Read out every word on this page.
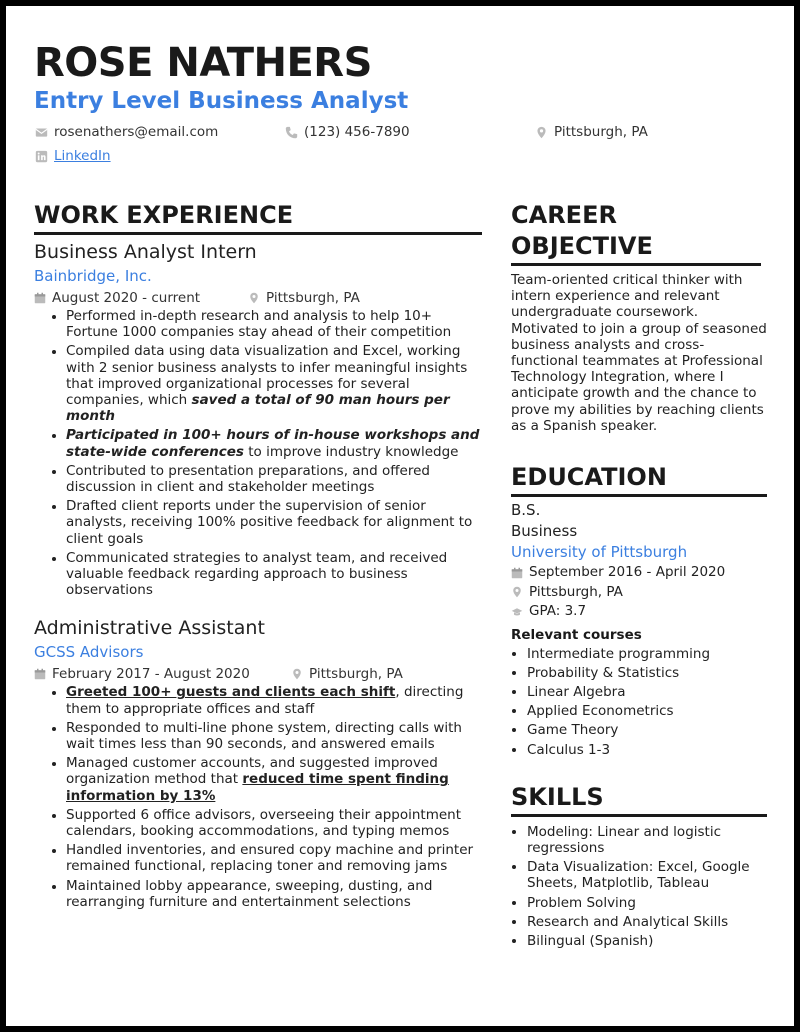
ROSE NATHERS
Entry Level Business Analyst
rosenathers@email.com	(123) 456-7890	Pittsburgh, PA
LinkedIn
WORK EXPERIENCE
Business Analyst Intern
Bainbridge, Inc.
August 2020 - current	Pittsburgh, PA
• Performed in-depth research and analysis to help 10+ Fortune 1000 companies stay ahead of their competition
• Compiled data using data visualization and Excel, working with 2 senior business analysts to infer meaningful insights that improved organizational processes for several companies, which saved a total of 90 man hours per month
• Participated in 100+ hours of in-house workshops and state-wide conferences to improve industry knowledge
• Contributed to presentation preparations, and offered discussion in client and stakeholder meetings
• Drafted client reports under the supervision of senior analysts, receiving 100% positive feedback for alignment to client goals
• Communicated strategies to analyst team, and received valuable feedback regarding approach to business observations
Administrative Assistant
GCSS Advisors
February 2017 - August 2020	Pittsburgh, PA
• Greeted 100+ guests and clients each shift, directing them to appropriate offices and staff
• Responded to multi-line phone system, directing calls with wait times less than 90 seconds, and answered emails
• Managed customer accounts, and suggested improved organization method that reduced time spent finding information by 13%
• Supported 6 office advisors, overseeing their appointment calendars, booking accommodations, and typing memos
• Handled inventories, and ensured copy machine and printer remained functional, replacing toner and removing jams
• Maintained lobby appearance, sweeping, dusting, and rearranging furniture and entertainment selections
CAREER OBJECTIVE
Team-oriented critical thinker with intern experience and relevant undergraduate coursework. Motivated to join a group of seasoned business analysts and cross-functional teammates at Professional Technology Integration, where I anticipate growth and the chance to prove my abilities by reaching clients as a Spanish speaker.
EDUCATION
B.S.
Business
University of Pittsburgh
September 2016 - April 2020
Pittsburgh, PA
GPA: 3.7
Relevant courses
• Intermediate programming
• Probability & Statistics
• Linear Algebra
• Applied Econometrics
• Game Theory
• Calculus 1-3
SKILLS
• Modeling: Linear and logistic regressions
• Data Visualization: Excel, Google Sheets, Matplotlib, Tableau
• Problem Solving
• Research and Analytical Skills
• Bilingual (Spanish)
